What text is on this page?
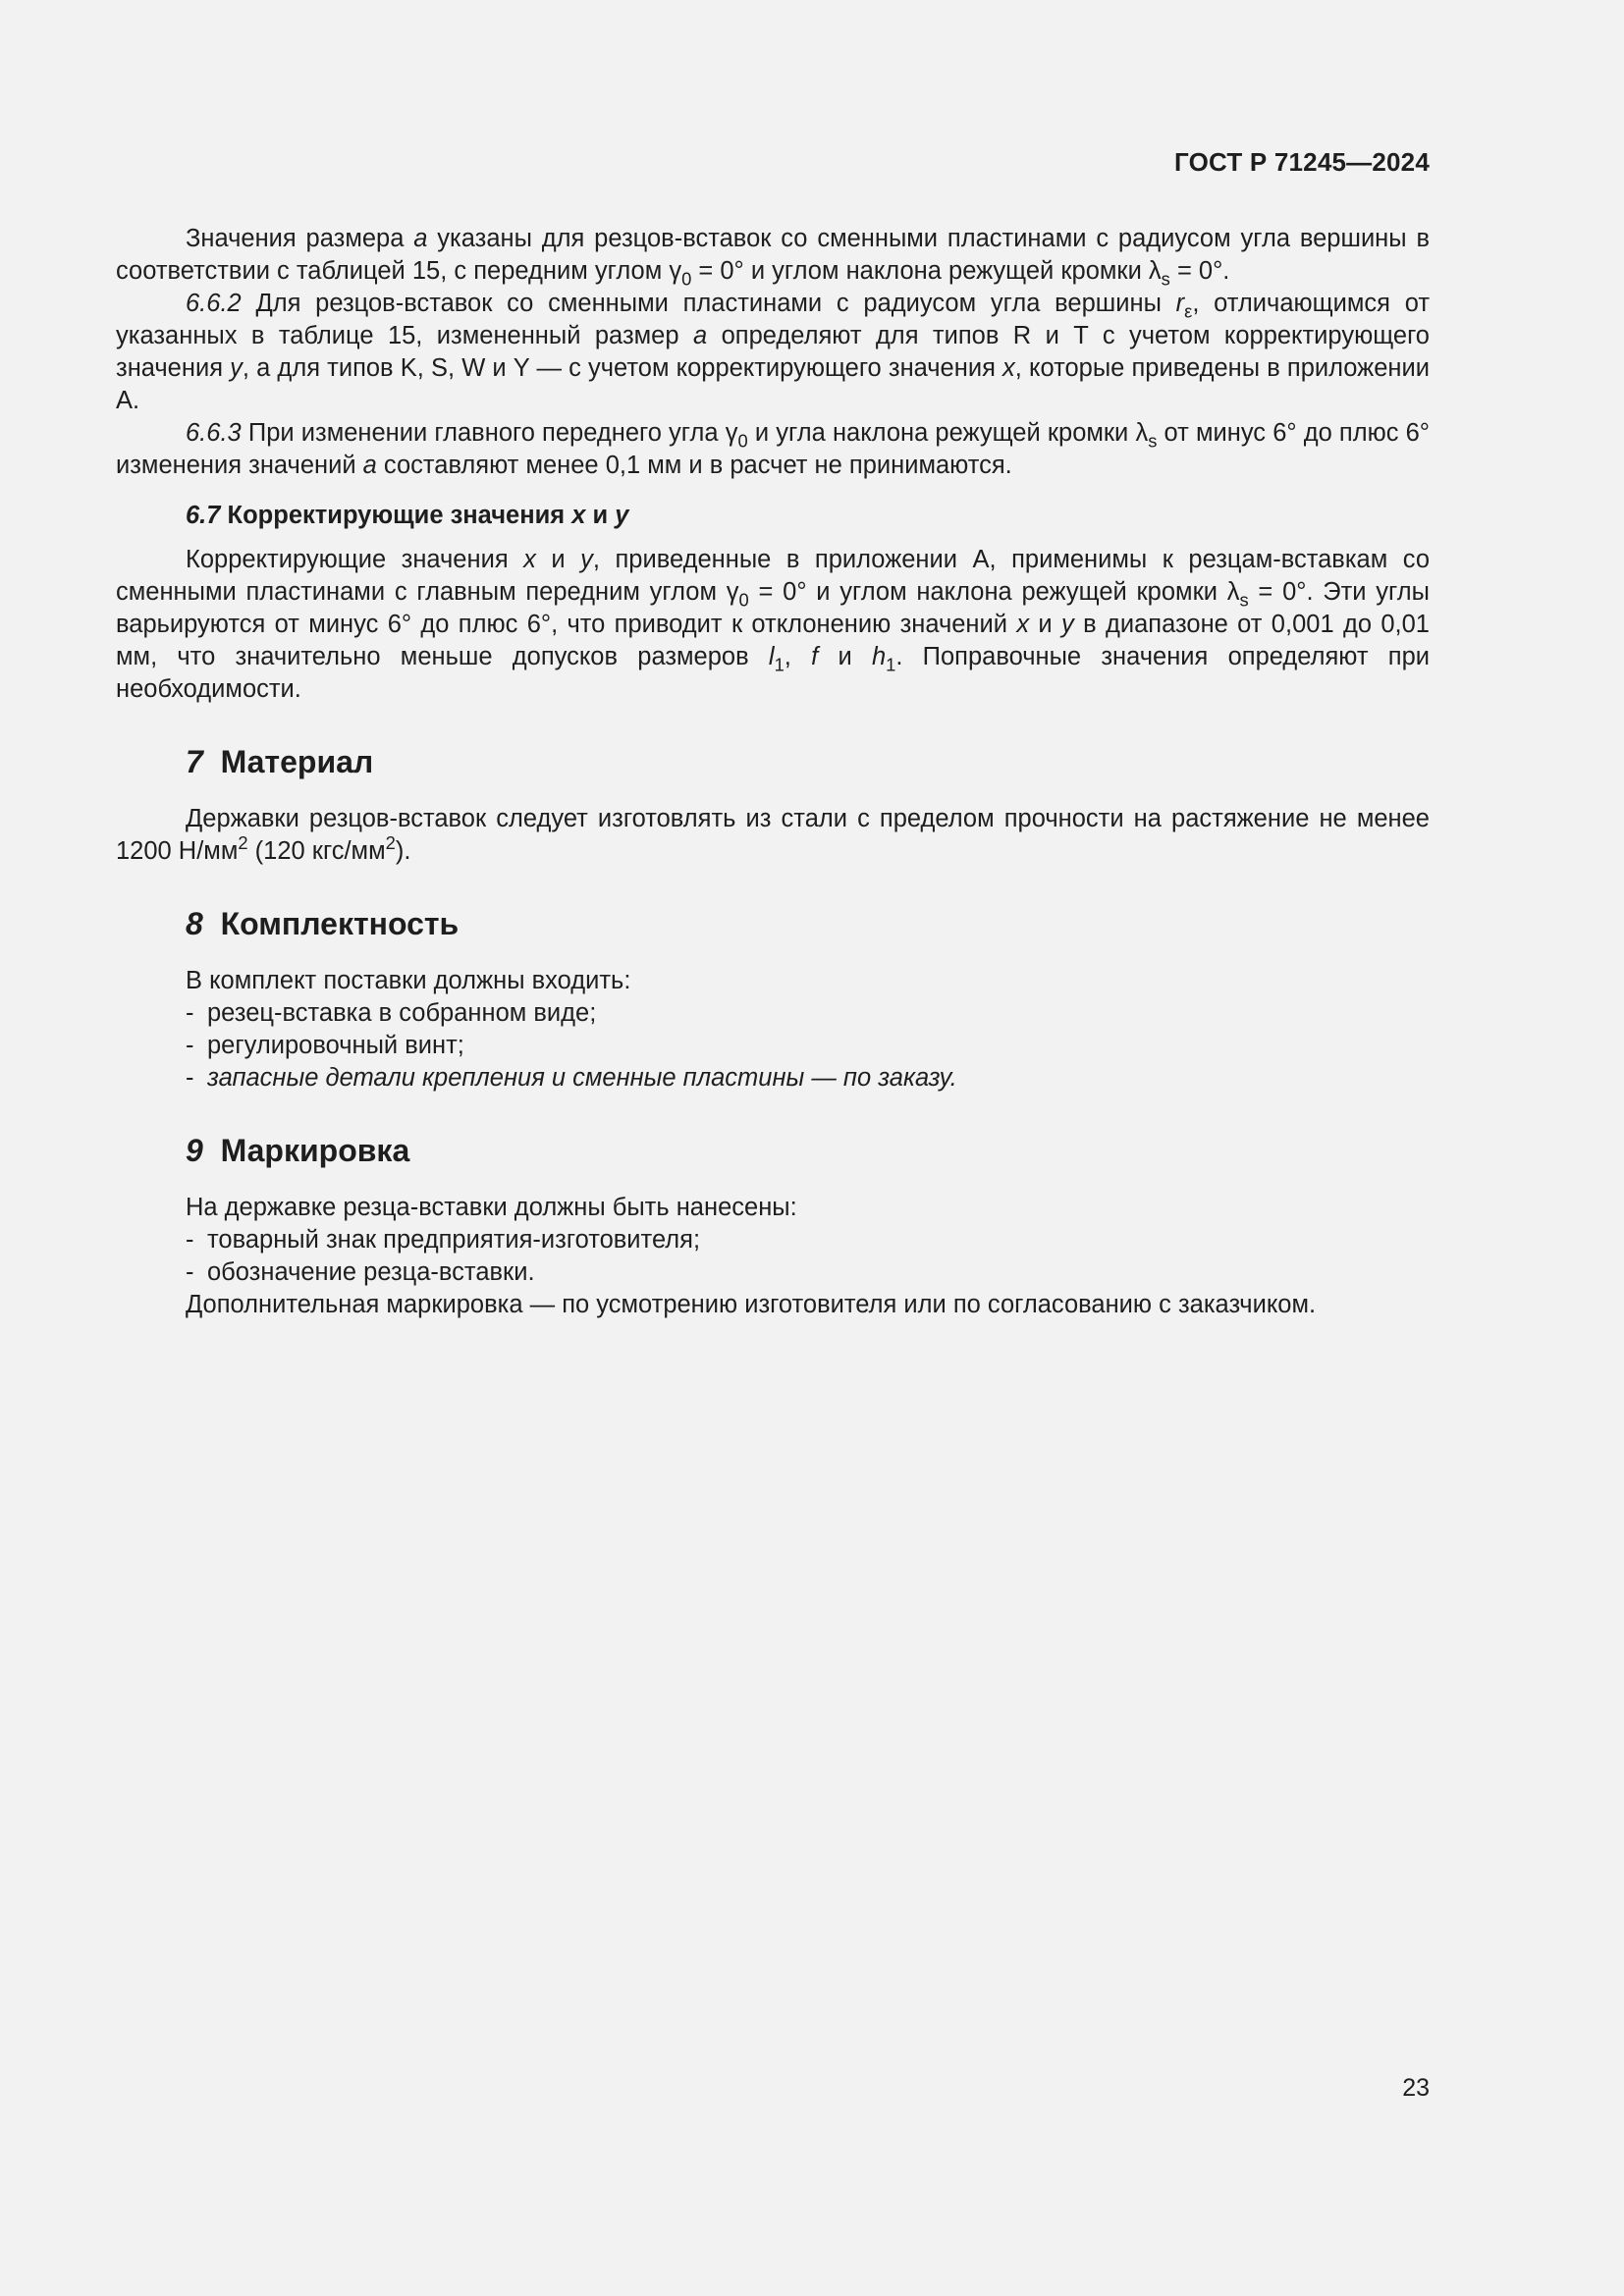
ГОСТ Р 71245—2024

Значения размера a указаны для резцов-вставок со сменными пластинами с радиусом угла вершины в соответствии с таблицей 15, с передним углом $\gamma_0 = 0^\circ$ и углом наклона режущей кромки $\lambda_s = 0^\circ$.

6.6.2 Для резцов-вставок со сменными пластинами с радиусом угла вершины $r_\varepsilon$, отличающимся от указанных в таблице 15, измененный размер a определяют для типов R и T с учетом корректирующего значения y, а для типов K, S, W и Y — с учетом корректирующего значения x, которые приведены в приложении А.

6.6.3 При изменении главного переднего угла $\gamma_0$ и угла наклона режущей кромки $\lambda_s$ от минус 6° до плюс 6° изменения значений a составляют менее 0,1 мм и в расчет не принимаются.

6.7 Корректирующие значения x и y

Корректирующие значения x и y, приведенные в приложении А, применимы к резцам-вставкам со сменными пластинами с главным передним углом $\gamma_0 = 0^\circ$ и углом наклона режущей кромки $\lambda_s = 0^\circ$. Эти углы варьируются от минус 6° до плюс 6°, что приводит к отклонению значений x и y в диапазоне от 0,001 до 0,01 мм, что значительно меньше допусков размеров $l_1$, f и $h_1$. Поправочные значения определяют при необходимости.

7 Материал

Державки резцов-вставок следует изготовлять из стали с пределом прочности на растяжение не менее 1200 $Н/мм^2$ (120 кгс/$мм^2$).

8 Комплектность
В комплект поставки должны входить:
- резец-вставка в собранном виде;
- регулировочный винт;
- запасные детали крепления и сменные пластины — по заказу.
9 Маркировка
На державке резца-вставки должны быть нанесены:
- товарный знак предприятия-изготовителя;
- обозначение резца-вставки.
Дополнительная маркировка — по усмотрению изготовителя или по согласованию с заказчиком.
23
